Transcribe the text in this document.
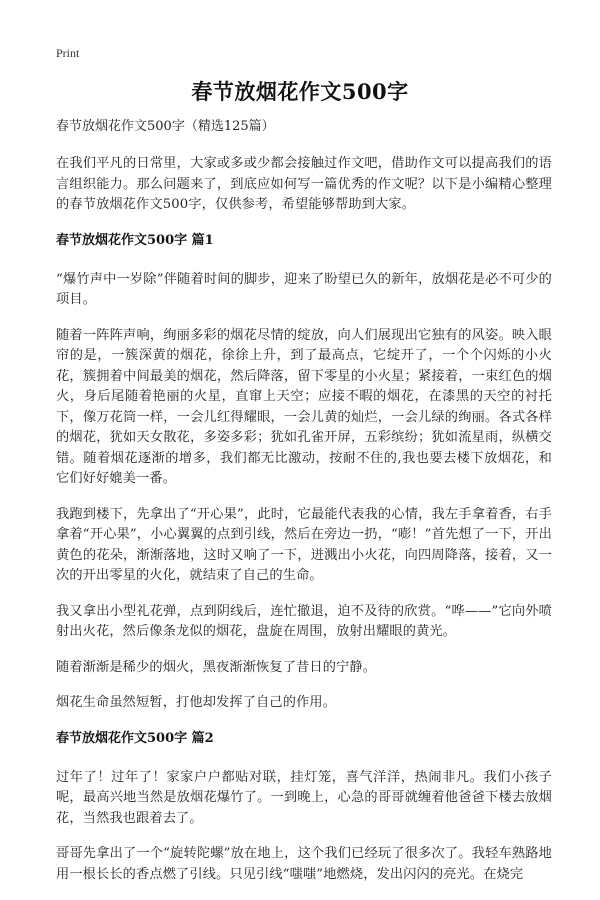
Print
春节放烟花作文500字

春节放烟花作文500字（精选125篇）

在我们平凡的日常里，大家或多或少都会接触过作文吧，借助作文可以提高我们的语言组织能力。那么问题来了，到底应如何写一篇优秀的作文呢？以下是小编精心整理的春节放烟花作文500字，仅供参考，希望能够帮助到大家。

春节放烟花作文500字 篇1

“爆竹声中一岁除”伴随着时间的脚步，迎来了盼望已久的新年，放烟花是必不可少的项目。

随着一阵阵声响，绚丽多彩的烟花尽情的绽放，向人们展现出它独有的风姿。映入眼帘的是，一簇深黄的烟花，徐徐上升，到了最高点，它绽开了，一个个闪烁的小火花，簇拥着中间最美的烟花，然后降落，留下零星的小火星；紧接着，一束红色的烟火，身后尾随着艳丽的火星，直窜上天空；应接不暇的烟花，在漆黑的天空的衬托下，像万花筒一样，一会儿红得耀眼，一会儿黄的灿烂，一会儿绿的绚丽。各式各样的烟花，犹如天女散花，多姿多彩；犹如孔雀开屏，五彩缤纷；犹如流星雨，纵横交错。随着烟花逐渐的增多，我们都无比激动，按耐不住的,我也要去楼下放烟花，和它们好好媲美一番。

我跑到楼下，先拿出了“开心果”，此时，它最能代表我的心情，我左手拿着香，右手拿着“开心果”，小心翼翼的点到引线，然后在旁边一扔，“嘭！”首先想了一下，开出黄色的花朵，渐渐落地，这时又响了一下，迸溅出小火花，向四周降落，接着，又一次的开出零星的火化，就结束了自己的生命。

我又拿出小型礼花弹，点到阴线后，连忙撤退，迫不及待的欣赏。“哗——”它向外喷射出火花，然后像条龙似的烟花，盘旋在周围，放射出耀眼的黄光。

随着渐渐是稀少的烟火，黑夜渐渐恢复了昔日的宁静。

烟花生命虽然短暂，打他却发挥了自己的作用。

春节放烟花作文500字 篇2

过年了！过年了！家家户户都贴对联，挂灯笼，喜气洋洋，热闹非凡。我们小孩子呢，最高兴地当然是放烟花爆竹了。一到晚上，心急的哥哥就缠着他爸爸下楼去放烟花，当然我也跟着去了。

哥哥先拿出了一个“旋转陀螺”放在地上，这个我们已经玩了很多次了。我轻车熟路地用一根长长的香点燃了引线。只见引线“嗤嗤”地燃烧，发出闪闪的亮光。在烧完
